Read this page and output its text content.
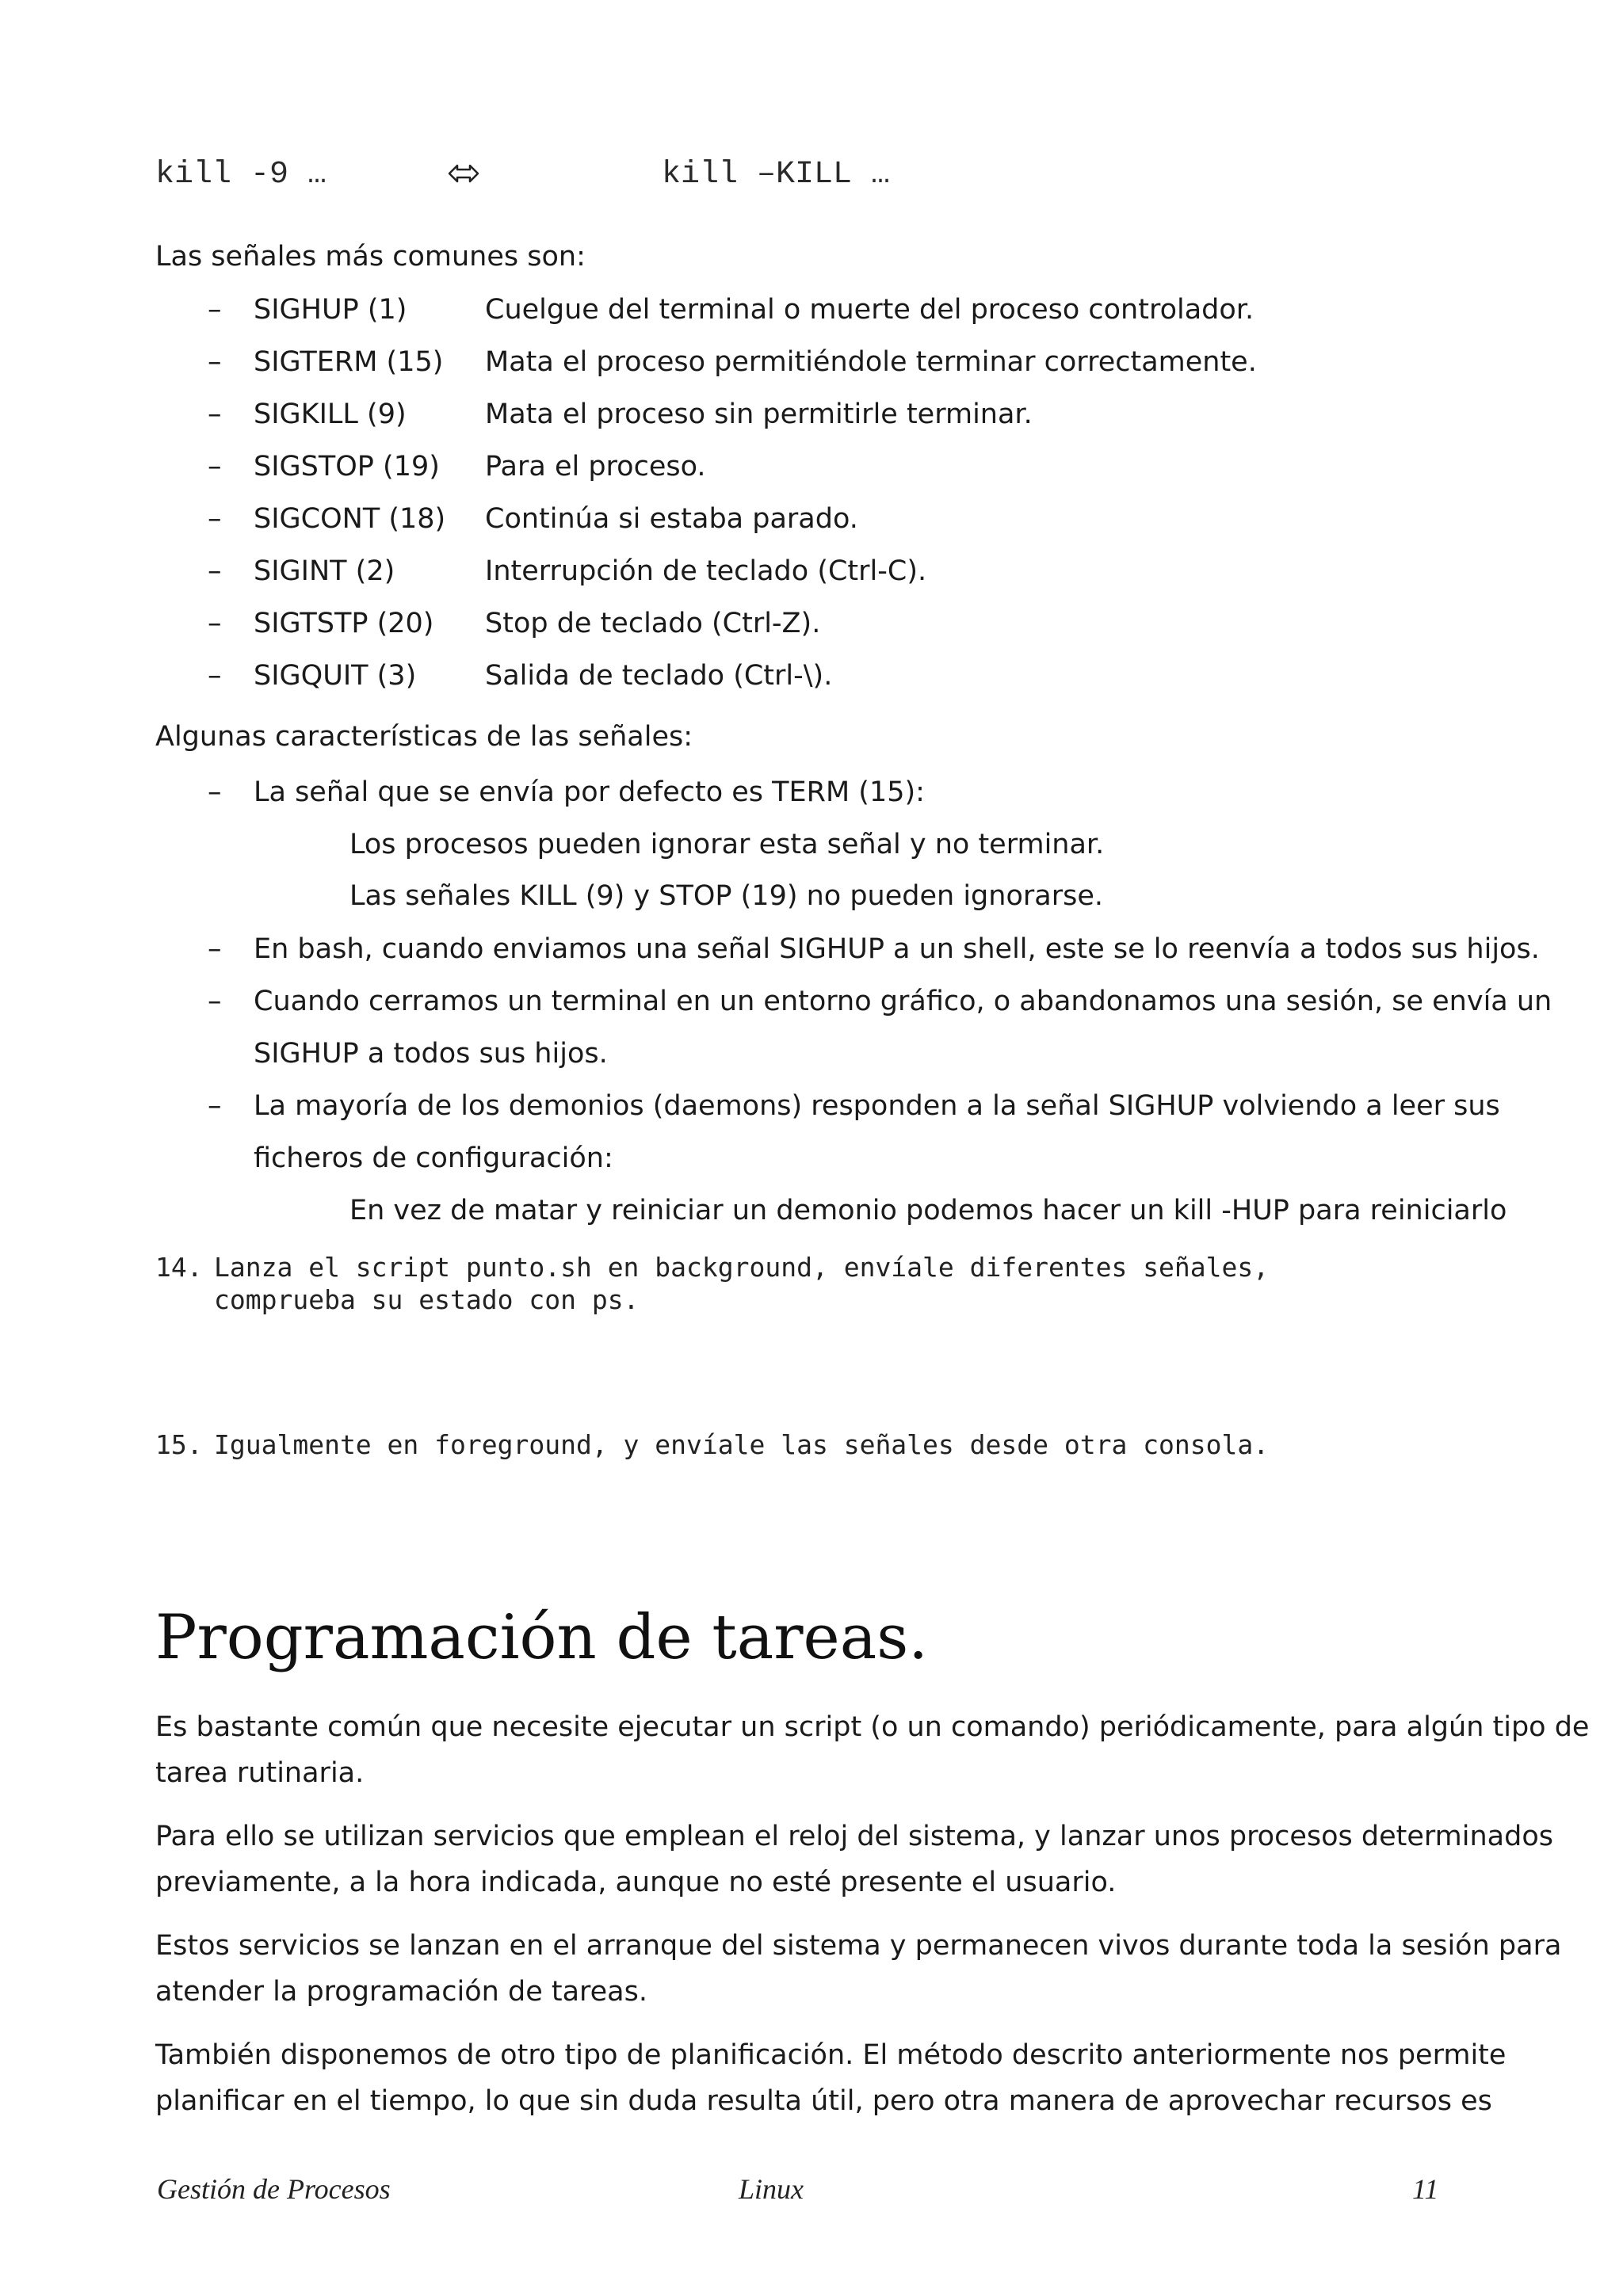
kill -9 …	kill –KILL …
Las señales más comunes son:
– SIGHUP (1)	Cuelgue del terminal o muerte del proceso controlador.
– SIGTERM (15) Mata el proceso permitiéndole terminar correctamente.
– SIGKILL (9)	Mata el proceso sin permitirle terminar.
– SIGSTOP (19) Para el proceso.
– SIGCONT (18) Continúa si estaba parado.
– SIGINT (2)	Interrupción de teclado (Ctrl-C).
– SIGTSTP (20) Stop de teclado (Ctrl-Z).
– SIGQUIT (3) Salida de teclado (Ctrl-\).
Algunas características de las señales:
– La señal que se envía por defecto es TERM (15):
Los procesos pueden ignorar esta señal y no terminar.
Las señales KILL (9) y STOP (19) no pueden ignorarse.
– En bash, cuando enviamos una señal SIGHUP a un shell, este se lo reenvía a todos sus hijos.
– Cuando cerramos un terminal en un entorno gráfico, o abandonamos una sesión, se envía un
SIGHUP a todos sus hijos.
– La mayoría de los demonios (daemons) responden a la señal SIGHUP volviendo a leer sus
ficheros de configuración:
En vez de matar y reiniciar un demonio podemos hacer un kill -HUP para reiniciarlo
14. Lanza el script punto.sh en background, envíale diferentes señales,
comprueba su estado con ps.
15. Igualmente en foreground, y envíale las señales desde otra consola.
Programación de tareas.
Es bastante común que necesite ejecutar un script (o un comando) periódicamente, para algún tipo de
tarea rutinaria.
Para ello se utilizan servicios que emplean el reloj del sistema, y lanzar unos procesos determinados
previamente, a la hora indicada, aunque no esté presente el usuario.
Estos servicios se lanzan en el arranque del sistema y permanecen vivos durante toda la sesión para
atender la programación de tareas.
También disponemos de otro tipo de planificación. El método descrito anteriormente nos permite
planificar en el tiempo, lo que sin duda resulta útil, pero otra manera de aprovechar recursos es
Gestión de Procesos	Linux	11
